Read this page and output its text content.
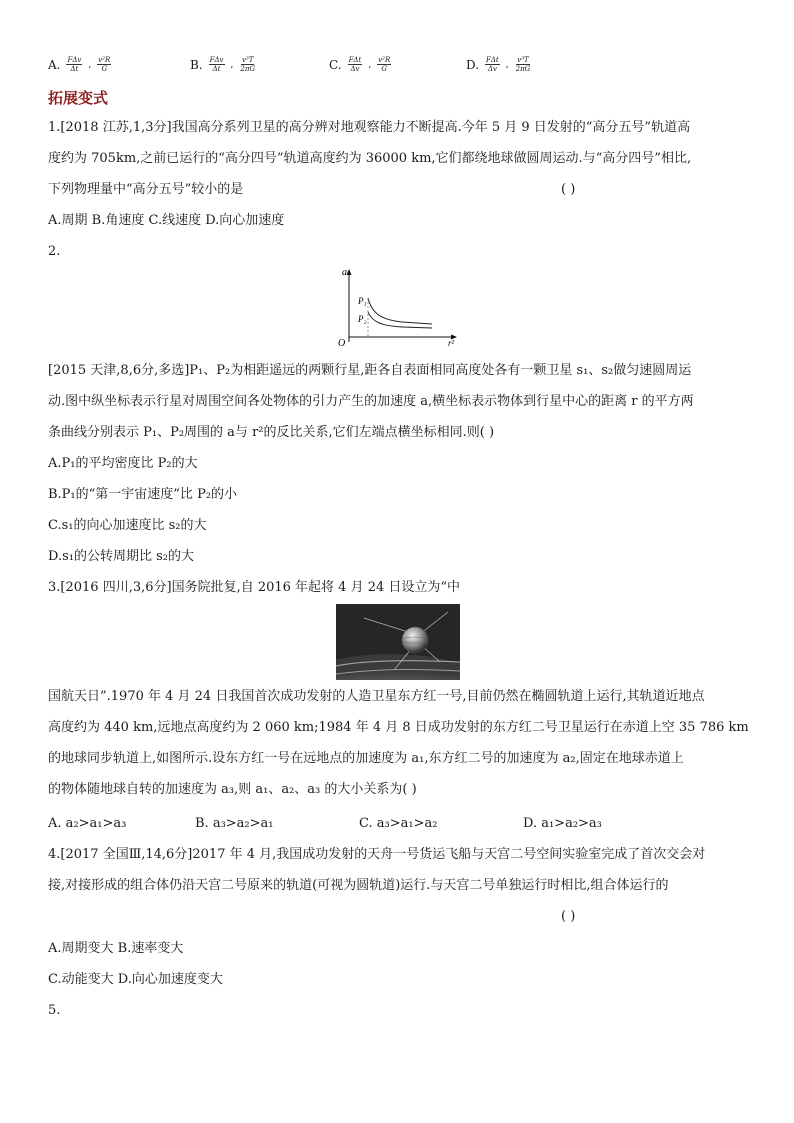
A. $\frac{\text{FΔv}}{\Delta t}$ , $\frac{\text{v²R}}{G}$	B. $\frac{\text{FΔv}}{\Delta t}$ , $\frac{\text{v³T}}{2\pi G}$	C. $\frac{\text{FΔt}}{\Delta v}$ , $\frac{\text{v²R}}{G}$	D. $\frac{\text{FΔt}}{\Delta v}$ , $\frac{\text{v³T}}{2\pi G}$
拓展变式
1.[2018 江苏,1,3分]我国高分系列卫星的高分辨对地观察能力不断提高.今年 5 月 9 日发射的“高分五号”轨道高
度约为 705km,之前已运行的“高分四号”轨道高度约为 36000 km,它们都绕地球做圆周运动.与“高分四号”相比,
下列物理量中“高分五号”较小的是	( )
A.周期 B.角速度 C.线速度 D.向心加速度
2.
a
r²
O
P₁
P₂
[2015 天津,8,6分,多选]P₁、P₂为相距遥远的两颗行星,距各自表面相同高度处各有一颗卫星 s₁、s₂做匀速圆周运
动.图中纵坐标表示行星对周围空间各处物体的引力产生的加速度 a,横坐标表示物体到行星中心的距离 r 的平方两
条曲线分别表示 P₁、P₂周围的 a与 r²的反比关系,它们左端点横坐标相同.则( )
A.P₁的平均密度比 P₂的大
B.P₁的“第一宇宙速度”比 P₂的小
C.s₁的向心加速度比 s₂的大
D.s₁的公转周期比 s₂的大
3.[2016 四川,3,6分]国务院批复,自 2016 年起将 4 月 24 日设立为“中
国航天日”.1970 年 4 月 24 日我国首次成功发射的人造卫星东方红一号,目前仍然在椭圆轨道上运行,其轨道近地点
高度约为 440 km,远地点高度约为 2 060 km;1984 年 4 月 8 日成功发射的东方红二号卫星运行在赤道上空 35 786 km
的地球同步轨道上,如图所示.设东方红一号在远地点的加速度为 a₁,东方红二号的加速度为 a₂,固定在地球赤道上
的物体随地球自转的加速度为 a₃,则 a₁、a₂、a₃ 的大小关系为( )
A. a₂>a₁>a₃	B. a₃>a₂>a₁	C. a₃>a₁>a₂	D. a₁>a₂>a₃
4.[2017 全国Ⅲ,14,6分]2017 年 4 月,我国成功发射的天舟一号货运飞船与天宫二号空间实验室完成了首次交会对
接,对接形成的组合体仍沿天宫二号原来的轨道(可视为圆轨道)运行.与天宫二号单独运行时相比,组合体运行的
( )
A.周期变大 B.速率变大
C.动能变大 D.向心加速度变大
5.
